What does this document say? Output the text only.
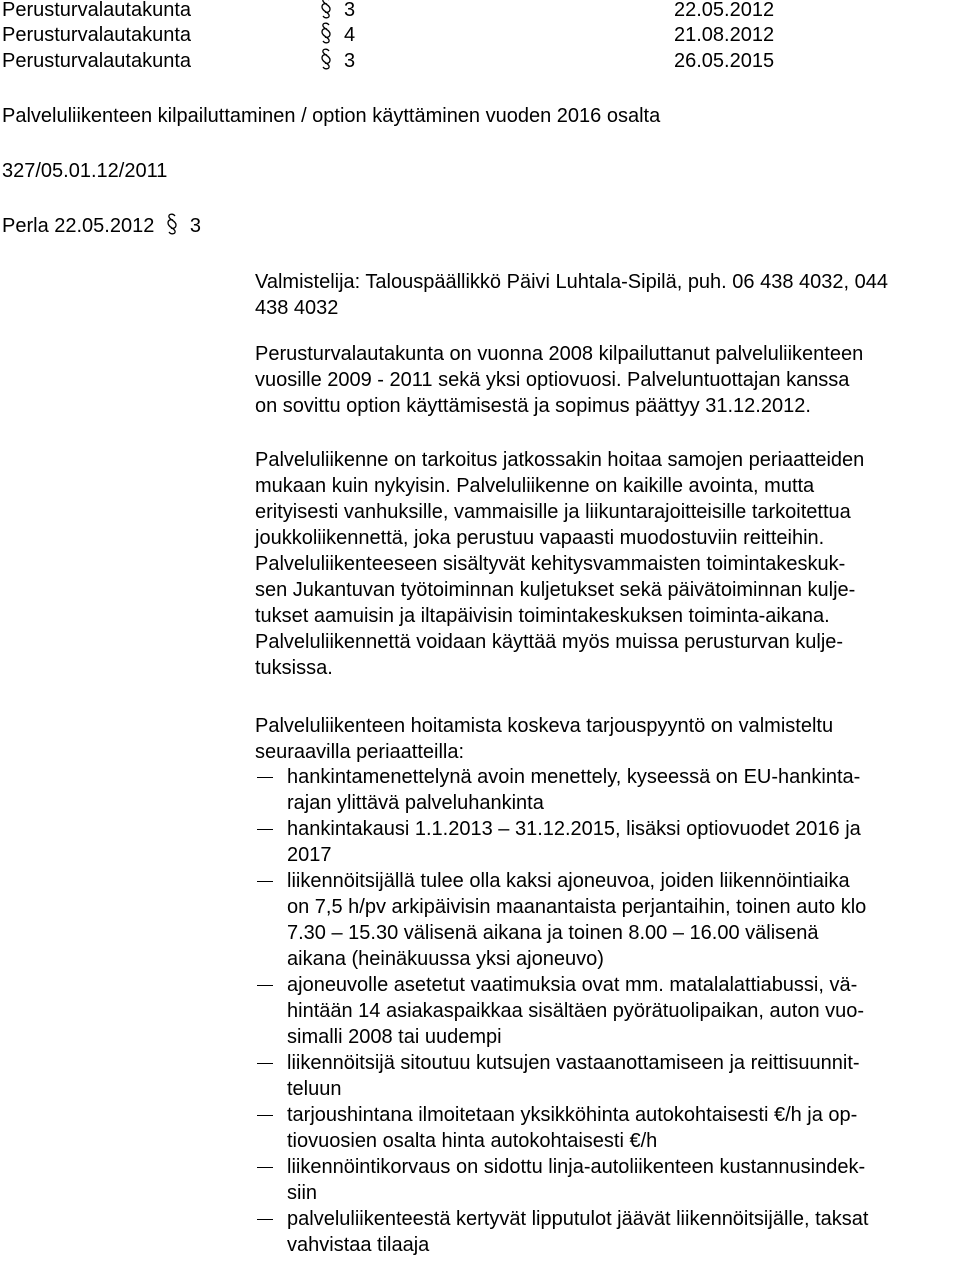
Perusturvalautakunta	3	22.05.2012
Perusturvalautakunta	4	21.08.2012
Perusturvalautakunta	3	26.05.2015
Palveluliikenteen kilpailuttaminen / option käyttäminen vuoden 2016 osalta
327/05.01.12/2011
Perla 22.05.2012 3
Valmistelija: Talouspäällikkö Päivi Luhtala-Sipilä, puh. 06 438 4032, 044
438 4032
Perusturvalautakunta on vuonna 2008 kilpailuttanut palveluliikenteen
vuosille 2009 - 2011 sekä yksi optiovuosi. Palveluntuottajan kanssa
on sovittu option käyttämisestä ja sopimus päättyy 31.12.2012.
Palveluliikenne on tarkoitus jatkossakin hoitaa samojen periaatteiden
mukaan kuin nykyisin. Palveluliikenne on kaikille avointa, mutta
erityisesti vanhuksille, vammaisille ja liikuntarajoitteisille tarkoitettua
joukkoliikennettä, joka perustuu vapaasti muodostuviin reitteihin.
Palveluliikenteeseen sisältyvät kehitysvammaisten toimintakeskuk-
sen Jukantuvan työtoiminnan kuljetukset sekä päivätoiminnan kulje-
tukset aamuisin ja iltapäivisin toimintakeskuksen toiminta-aikana.
Palveluliikennettä voidaan käyttää myös muissa perusturvan kulje-
tuksissa.
Palveluliikenteen hoitamista koskeva tarjouspyyntö on valmisteltu
seuraavilla periaatteilla:
hankintamenettelynä avoin menettely, kyseessä on EU-hankinta-
rajan ylittävä palveluhankinta
hankintakausi 1.1.2013 – 31.12.2015, lisäksi optiovuodet 2016 ja
2017
liikennöitsijällä tulee olla kaksi ajoneuvoa, joiden liikennöintiaika
on 7,5 h/pv arkipäivisin maanantaista perjantaihin, toinen auto klo
7.30 – 15.30 välisenä aikana ja toinen 8.00 – 16.00 välisenä
aikana (heinäkuussa yksi ajoneuvo)
ajoneuvolle asetetut vaatimuksia ovat mm. matalalattiabussi, vä-
hintään 14 asiakaspaikkaa sisältäen pyörätuolipaikan, auton vuo-
simalli 2008 tai uudempi
liikennöitsijä sitoutuu kutsujen vastaanottamiseen ja reittisuunnit-
teluun
tarjoushintana ilmoitetaan yksikköhinta autokohtaisesti €/h ja op-
tiovuosien osalta hinta autokohtaisesti €/h
liikennöintikorvaus on sidottu linja-autoliikenteen kustannusindek-
siin
palveluliikenteestä kertyvät lipputulot jäävät liikennöitsijälle, taksat
vahvistaa tilaaja
